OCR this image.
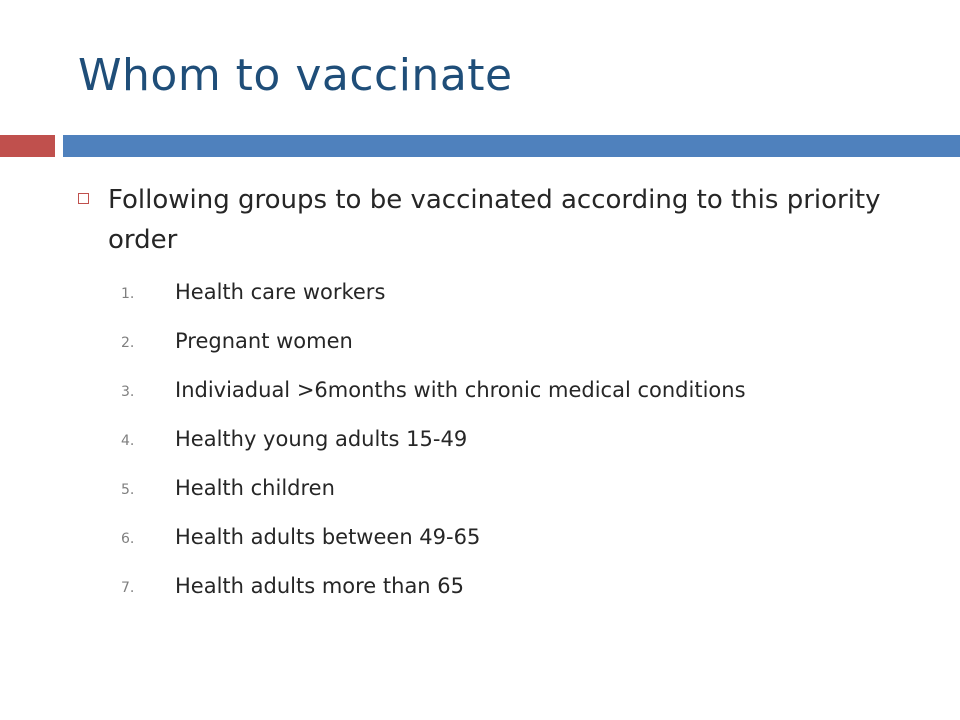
Whom to vaccinate
Following groups to be vaccinated according to this priority order
1. Health care workers
2. Pregnant women
3. Indiviadual >6months with chronic medical conditions
4. Healthy young adults 15-49
5. Health children
6. Health adults between 49-65
7. Health adults more than 65
